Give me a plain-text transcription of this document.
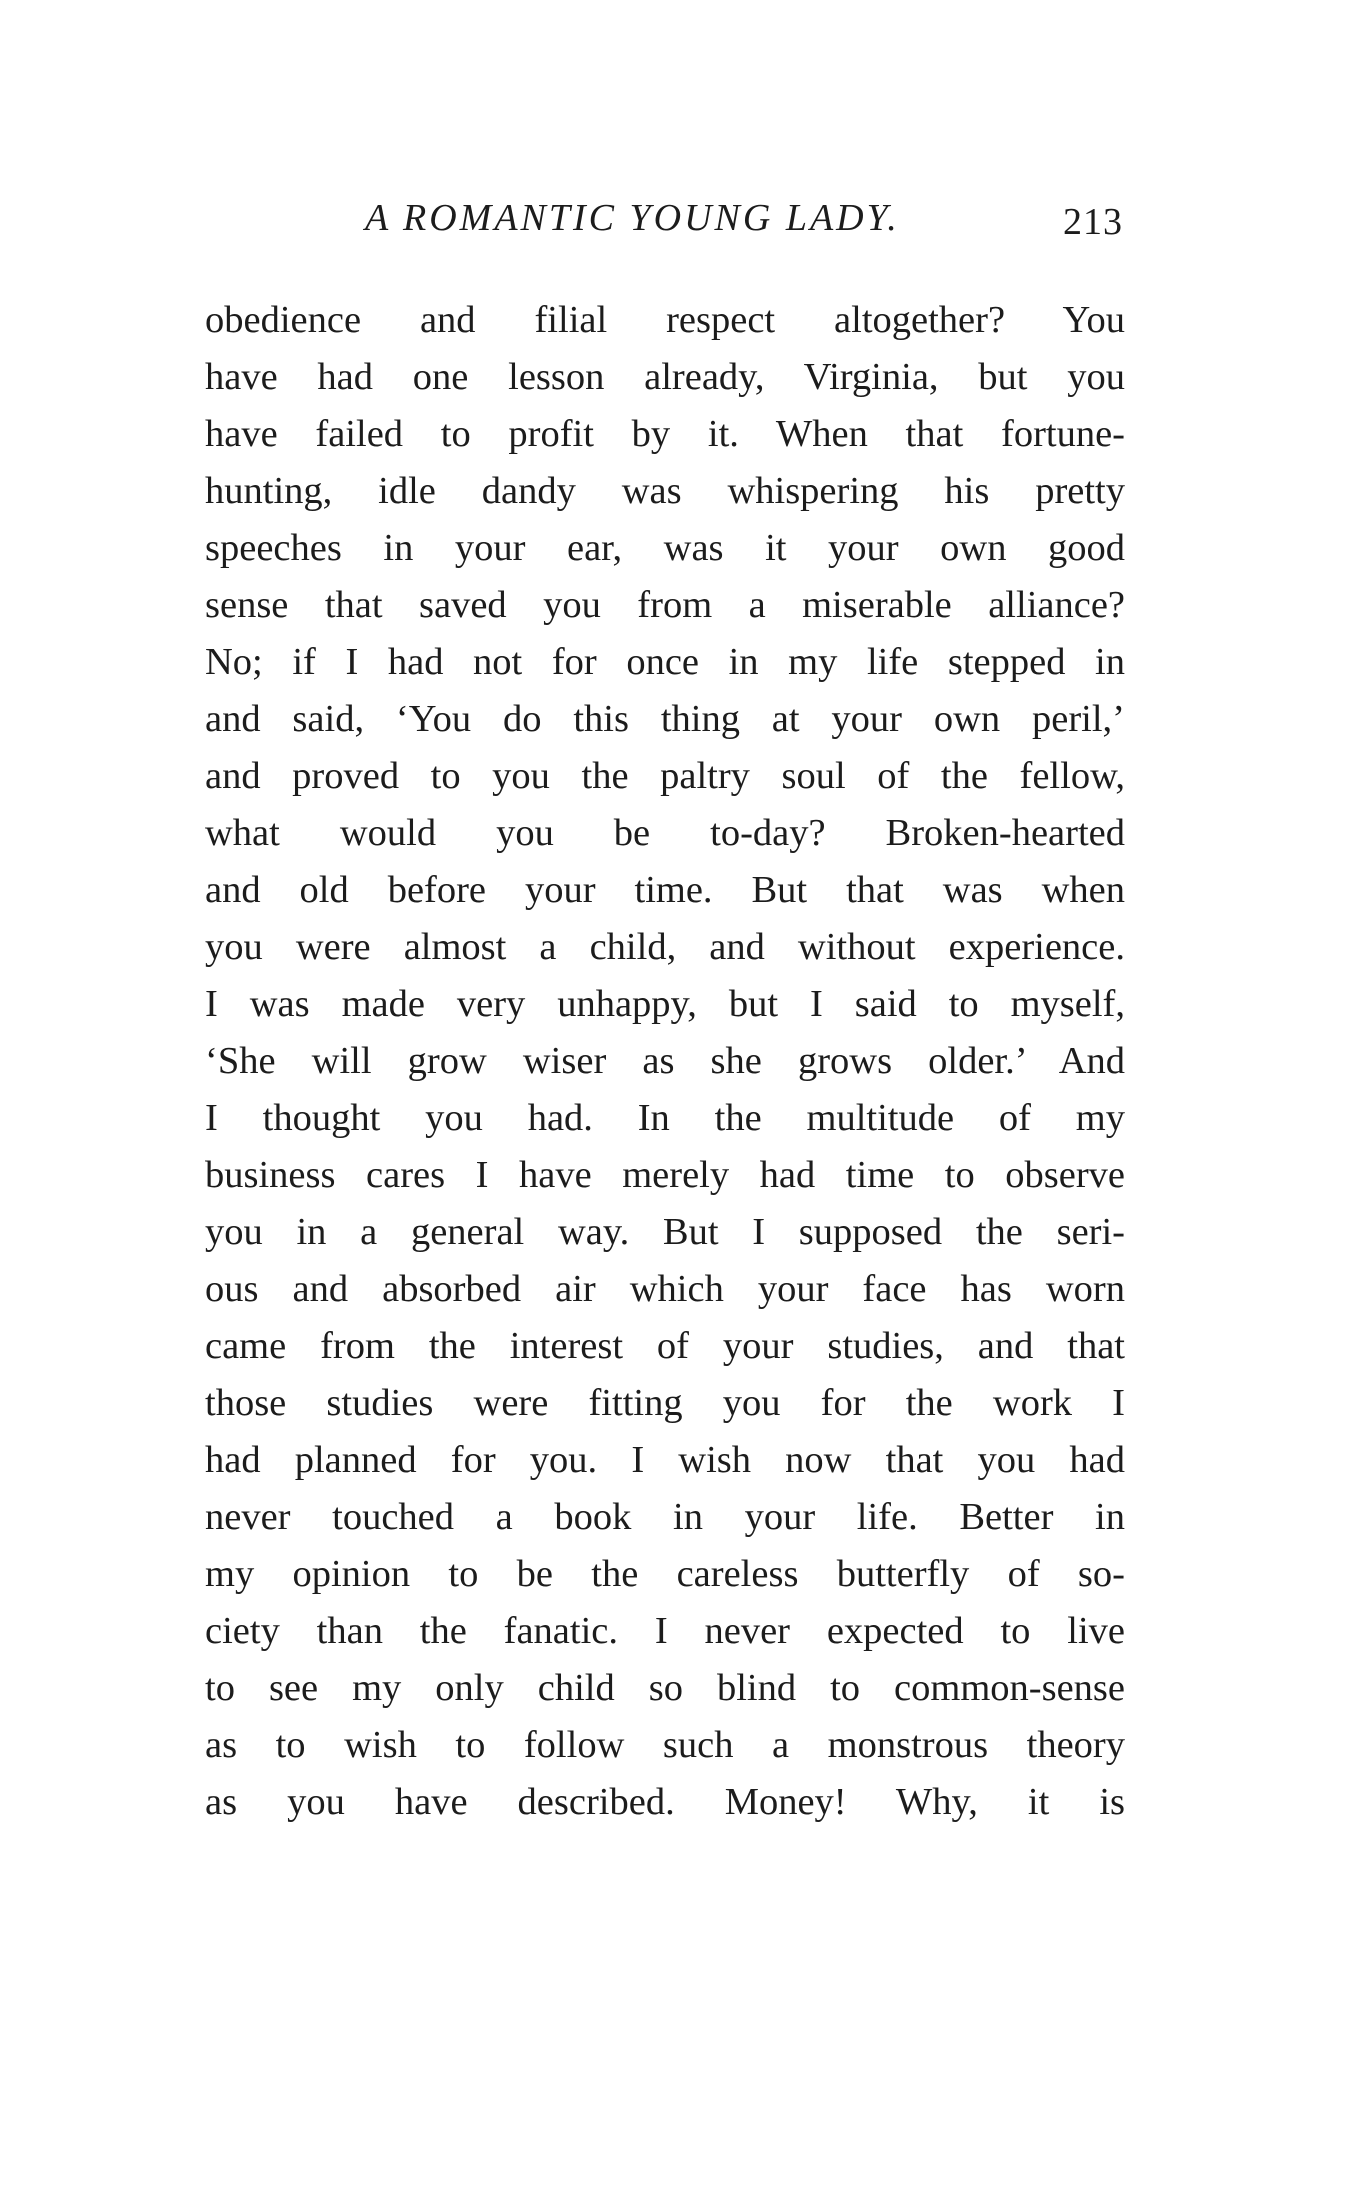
A ROMANTIC YOUNG LADY.	213
obedience and filial respect altogether? You
have had one lesson already, Virginia, but you
have failed to profit by it. When that fortune-
hunting, idle dandy was whispering his pretty
speeches in your ear, was it your own good
sense that saved you from a miserable alliance?
No; if I had not for once in my life stepped in
and said, ‘You do this thing at your own peril,’
and proved to you the paltry soul of the fellow,
what would you be to-day? Broken-hearted
and old before your time. But that was when
you were almost a child, and without experience.
I was made very unhappy, but I said to myself,
‘She will grow wiser as she grows older.’ And
I thought you had. In the multitude of my
business cares I have merely had time to observe
you in a general way. But I supposed the seri-
ous and absorbed air which your face has worn
came from the interest of your studies, and that
those studies were fitting you for the work I
had planned for you. I wish now that you had
never touched a book in your life. Better in
my opinion to be the careless butterfly of so-
ciety than the fanatic. I never expected to live
to see my only child so blind to common-sense
as to wish to follow such a monstrous theory
as you have described. Money! Why, it is
